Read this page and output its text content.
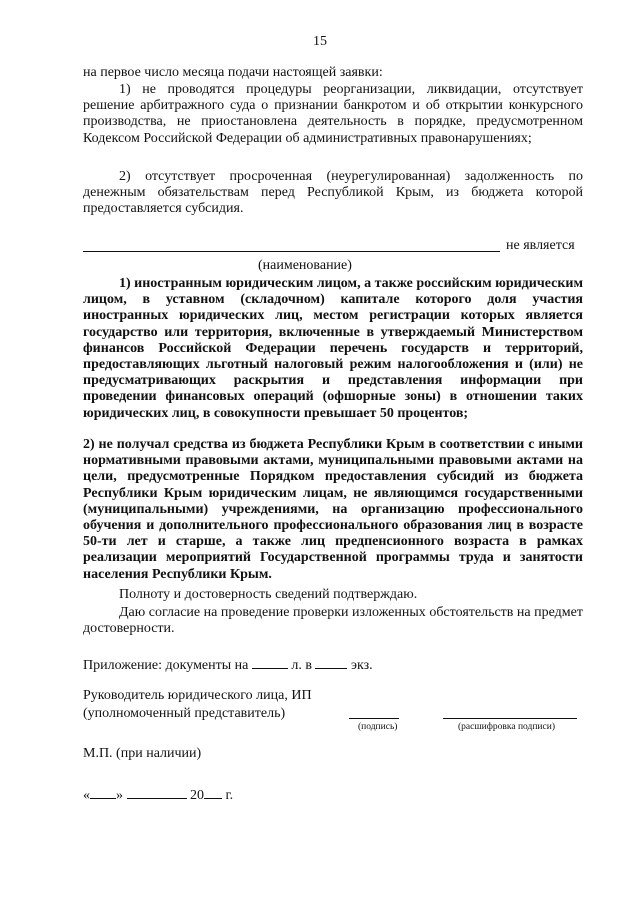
15

на первое число месяца подачи настоящей заявки:

1) не проводятся процедуры реорганизации, ликвидации, отсутствует решение арбитражного суда о признании банкротом и об открытии конкурсного производства, не приостановлена деятельность в порядке, предусмотренном Кодексом Российской Федерации об административных правонарушениях;

2) отсутствует просроченная (неурегулированная) задолженность по денежным обязательствам перед Республикой Крым, из бюджета которой предоставляется субсидия.

не является
(наименование)

1) иностранным юридическим лицом, а также российским юридическим лицом, в уставном (складочном) капитале которого доля участия иностранных юридических лиц, местом регистрации которых является государство или территория, включенные в утверждаемый Министерством финансов Российской Федерации перечень государств и территорий, предоставляющих льготный налоговый режим налогообложения и (или) не предусматривающих раскрытия и представления информации при проведении финансовых операций (офшорные зоны) в отношении таких юридических лиц, в совокупности превышает 50 процентов;

2) не получал средства из бюджета Республики Крым в соответствии с иными нормативными правовыми актами, муниципальными правовыми актами на цели, предусмотренные Порядком предоставления субсидий из бюджета Республики Крым юридическим лицам, не являющимся государственными (муниципальными) учреждениями, на организацию профессионального обучения и дополнительного профессионального образования лиц в возрасте 50-ти лет и старше, а также лиц предпенсионного возраста в рамках реализации мероприятий Государственной программы труда и занятости населения Республики Крым.

Полноту и достоверность сведений подтверждаю.

Даю согласие на проведение проверки изложенных обстоятельств на предмет достоверности.

Приложение: документы на	л. в	экз.
Руководитель юридического лица, ИП
(уполномоченный представитель)
(подпись)	(расшифровка подписи)
М.П. (при наличии)
« »	20 г.
